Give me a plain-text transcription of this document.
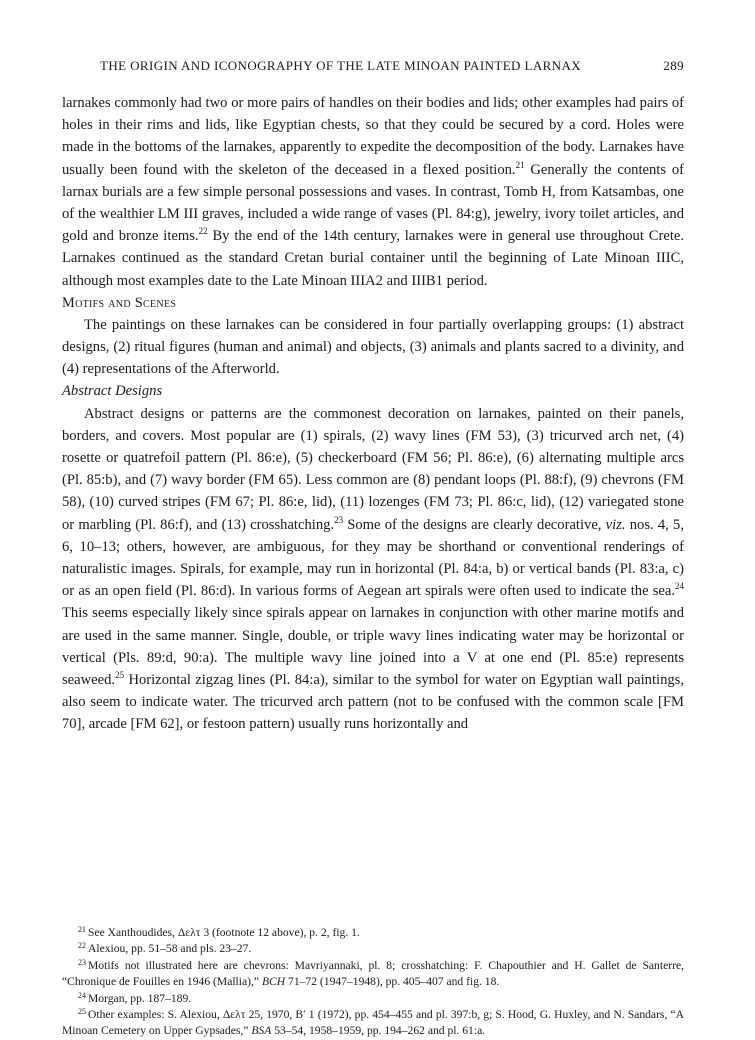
THE ORIGIN AND ICONOGRAPHY OF THE LATE MINOAN PAINTED LARNAX	289

larnakes commonly had two or more pairs of handles on their bodies and lids; other examples had pairs of holes in their rims and lids, like Egyptian chests, so that they could be secured by a cord. Holes were made in the bottoms of the larnakes, apparently to expedite the decomposition of the body. Larnakes have usually been found with the skeleton of the deceased in a flexed position.$^{21}$ Generally the contents of larnax burials are a few simple personal possessions and vases. In contrast, Tomb H, from Katsambas, one of the wealthier LM III graves, included a wide range of vases (Pl. 84:g), jewelry, ivory toilet articles, and gold and bronze items.$^{22}$ By the end of the 14th century, larnakes were in general use throughout Crete. Larnakes continued as the standard Cretan burial container until the beginning of Late Minoan IIIC, although most examples date to the Late Minoan IIIA2 and IIIB1 period.

Motifs and Scenes

The paintings on these larnakes can be considered in four partially overlapping groups: (1) abstract designs, (2) ritual figures (human and animal) and objects, (3) animals and plants sacred to a divinity, and (4) representations of the Afterworld.

Abstract Designs

Abstract designs or patterns are the commonest decoration on larnakes, painted on their panels, borders, and covers. Most popular are (1) spirals, (2) wavy lines (FM 53), (3) tricurved arch net, (4) rosette or quatrefoil pattern (Pl. 86:e), (5) checkerboard (FM 56; Pl. 86:e), (6) alternating multiple arcs (Pl. 85:b), and (7) wavy border (FM 65). Less common are (8) pendant loops (Pl. 88:f), (9) chevrons (FM 58), (10) curved stripes (FM 67; Pl. 86:e, lid), (11) lozenges (FM 73; Pl. 86:c, lid), (12) variegated stone or marbling (Pl. 86:f), and (13) crosshatching.$^{23}$ Some of the designs are clearly decorative, viz. nos. 4, 5, 6, 10–13; others, however, are ambiguous, for they may be shorthand or conventional renderings of naturalistic images. Spirals, for example, may run in horizontal (Pl. 84:a, b) or vertical bands (Pl. 83:a, c) or as an open field (Pl. 86:d). In various forms of Aegean art spirals were often used to indicate the sea.$^{24}$ This seems especially likely since spirals appear on larnakes in conjunction with other marine motifs and are used in the same manner. Single, double, or triple wavy lines indicating water may be horizontal or vertical (Pls. 89:d, 90:a). The multiple wavy line joined into a V at one end (Pl. 85:e) represents seaweed.$^{25}$ Horizontal zigzag lines (Pl. 84:a), similar to the symbol for water on Egyptian wall paintings, also seem to indicate water. The tricurved arch pattern (not to be confused with the common scale [FM 70], arcade [FM 62], or festoon pattern) usually runs horizontally and

$^{21}$ See Xanthoudides, Δελτ 3 (footnote 12 above), p. 2, fig. 1.

$^{22}$ Alexiou, pp. 51–58 and pls. 23–27.

$^{23}$ Motifs not illustrated here are chevrons: Mavriyannaki, pl. 8; crosshatching: F. Chapouthier and H. Gallet de Santerre, “Chronique de Fouilles en 1946 (Mallia),” BCH 71–72 (1947–1948), pp. 405–407 and fig. 18.

$^{24}$ Morgan, pp. 187–189.

$^{25}$ Other examples: S. Alexiou, Δελτ 25, 1970, Β′ 1 (1972), pp. 454–455 and pl. 397:b, g; S. Hood, G. Huxley, and N. Sandars, “A Minoan Cemetery on Upper Gypsades,” BSA 53–54, 1958–1959, pp. 194–262 and pl. 61:a.
